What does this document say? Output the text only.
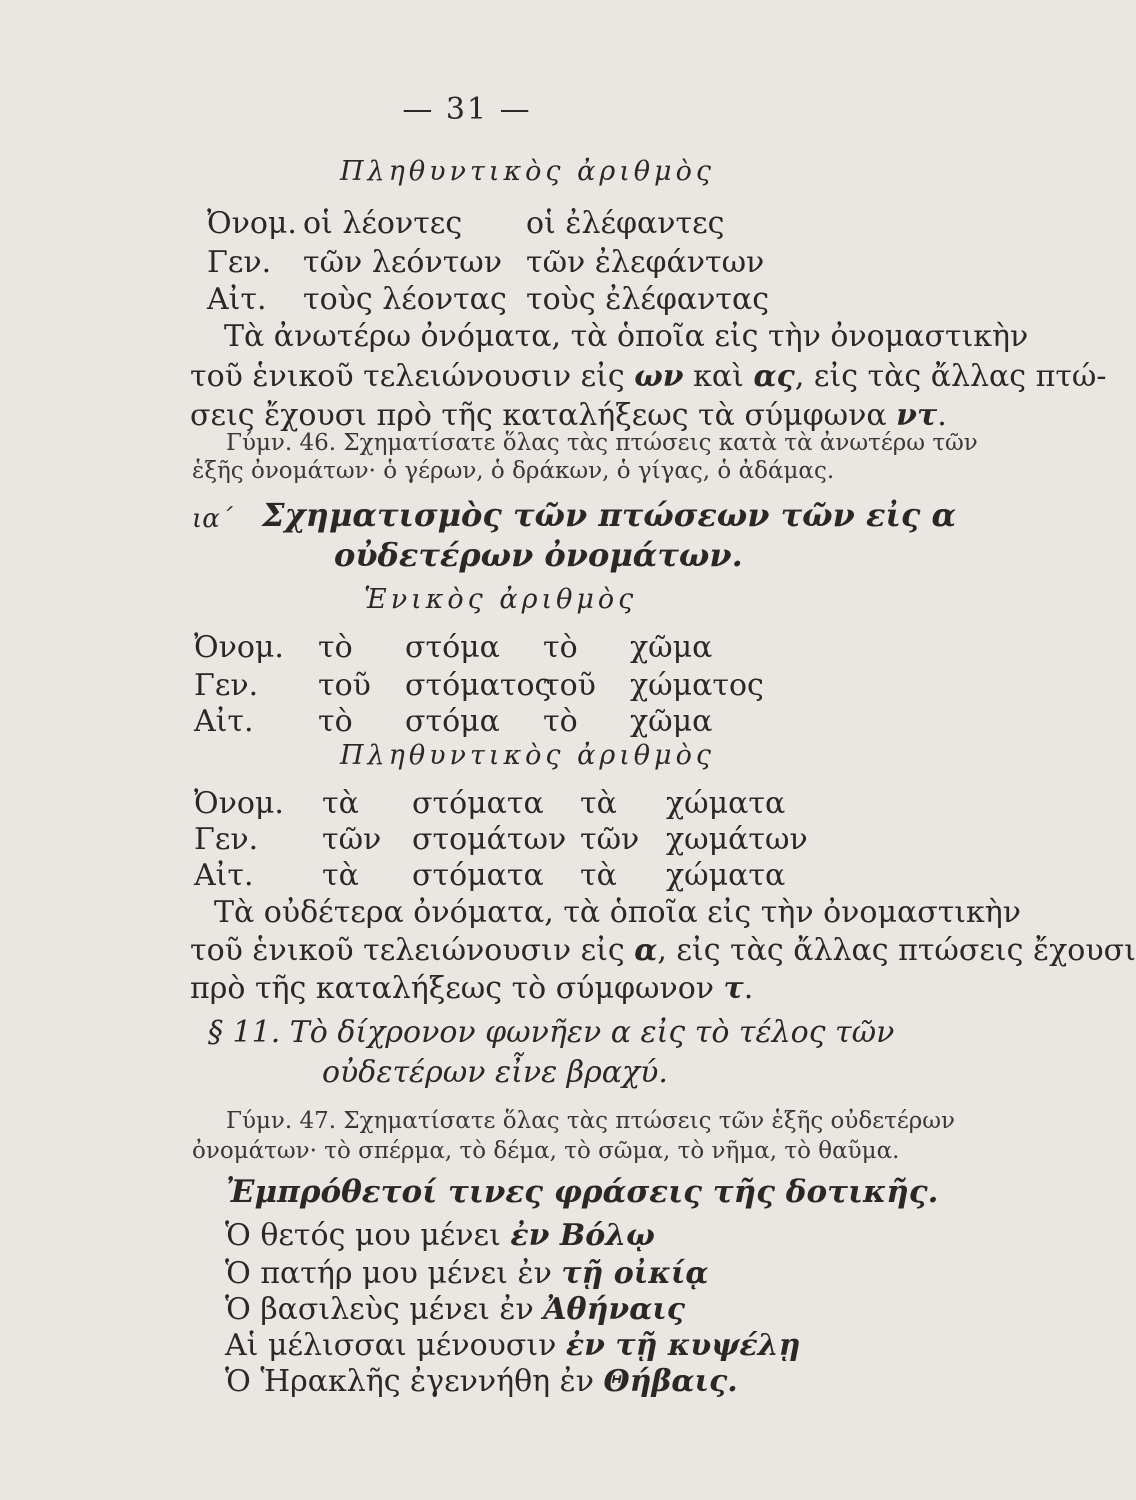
— 31 —
Πληθυντικὸς ἀριθμὸς
Ὀνομ. οἱ λέοντες οἱ ἐλέφαντες
Γεν. τῶν λεόντων τῶν ἐλεφάντων
Αἰτ. τοὺς λέοντας τοὺς ἐλέφαντας
Τὰ ἀνωτέρω ὀνόματα, τὰ ὁποῖα εἰς τὴν ὀνομαστικὴν
τοῦ ἑνικοῦ τελειώνουσιν εἰς ων καὶ ας, εἰς τὰς ἄλλας πτώ-
σεις ἔχουσι πρὸ τῆς καταλήξεως τὰ σύμφωνα ντ.
Γύμν. 46. Σχηματίσατε ὅλας τὰς πτώσεις κατὰ τὰ ἀνωτέρω τῶν
ἑξῆς ὀνομάτων· ὁ γέρων, ὁ δράκων, ὁ γίγας, ὁ ἀδάμας.
ια΄ Σχηματισμὸς τῶν πτώσεων τῶν εἰς α
οὐδετέρων ὀνομάτων.
Ἑνικὸς ἀριθμὸς
Ὀνομ. τὸ στόμα τὸ χῶμα
Γεν. τοῦ στόματος
τοῦ χώματος
Αἰτ. τὸ στόμα τὸ χῶμα
Πληθυντικὸς ἀριθμὸς
Ὀνομ. τὰ στόματα τὰ χώματα
Γεν. τῶν στομάτων τῶν χωμάτων
Αἰτ. τὰ στόματα τὰ χώματα
Τὰ οὐδέτερα ὀνόματα, τὰ ὁποῖα εἰς τὴν ὀνομαστικὴν
τοῦ ἑνικοῦ τελειώνουσιν εἰς α, εἰς τὰς ἄλλας πτώσεις ἔχουσι
πρὸ τῆς καταλήξεως τὸ σύμφωνον τ.
§ 11. Τὸ δίχρονον φωνῆεν α εἰς τὸ τέλος τῶν
οὐδετέρων εἶνε βραχύ.
Γύμν. 47. Σχηματίσατε ὅλας τὰς πτώσεις τῶν ἑξῆς οὐδετέρων
ὀνομάτων· τὸ σπέρμα, τὸ δέμα, τὸ σῶμα, τὸ νῆμα, τὸ θαῦμα.
Ἐμπρόθετοί τινες φράσεις τῆς δοτικῆς.
Ὁ θετός μου μένει ἐν Βόλῳ
Ὁ πατήρ μου μένει ἐν τῇ οἰκίᾳ
Ὁ βασιλεὺς μένει ἐν Ἀθήναις
Αἱ μέλισσαι μένουσιν ἐν τῇ κυψέλῃ
Ὁ Ἡρακλῆς ἐγεννήθη ἐν Θήβαις.
